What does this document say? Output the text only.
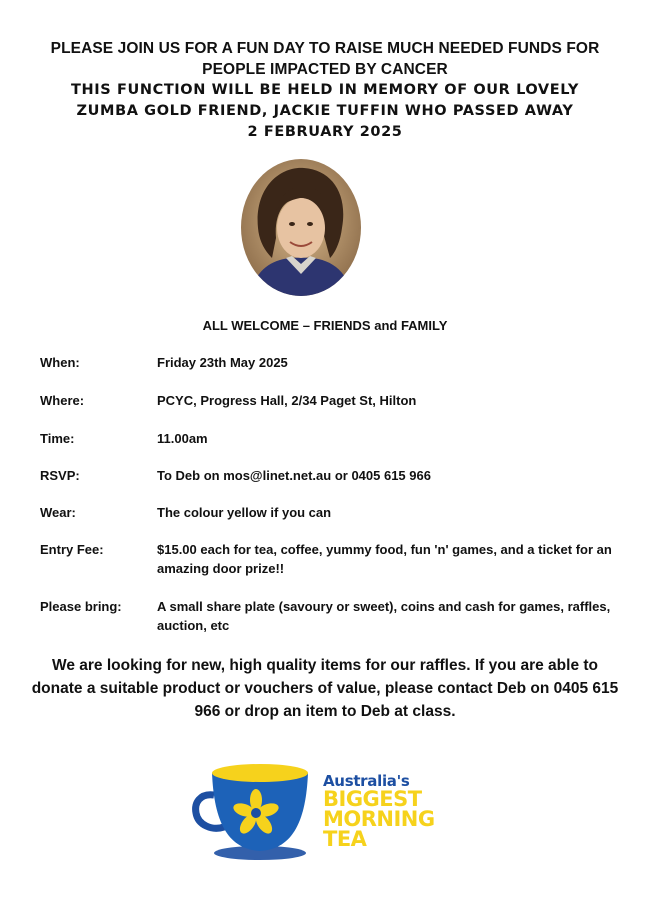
PLEASE JOIN US FOR A FUN DAY TO RAISE MUCH NEEDED FUNDS FOR
PEOPLE IMPACTED BY CANCER
THIS FUNCTION WILL BE HELD IN MEMORY OF OUR LOVELY
ZUMBA GOLD FRIEND, JACKIE TUFFIN WHO PASSED AWAY
2 FEBRUARY 2025
ALL WELCOME – FRIENDS and FAMILY
When:	Friday 23th May 2025
Where:	PCYC, Progress Hall, 2/34 Paget St, Hilton
Time:	11.00am
RSVP:	To Deb on mos@linet.net.au or 0405 615 966
Wear:	The colour yellow if you can
Entry Fee:	$15.00 each for tea, coffee, yummy food, fun 'n' games, and a ticket for an amazing door prize!!
Please bring:	A small share plate (savoury or sweet), coins and cash for games, raffles, auction, etc
We are looking for new, high quality items for our raffles. If you are able to donate a suitable product or vouchers of value, please contact Deb on 0405 615 966 or drop an item to Deb at class.
Australia's
BIGGEST
MORNING
TEA
